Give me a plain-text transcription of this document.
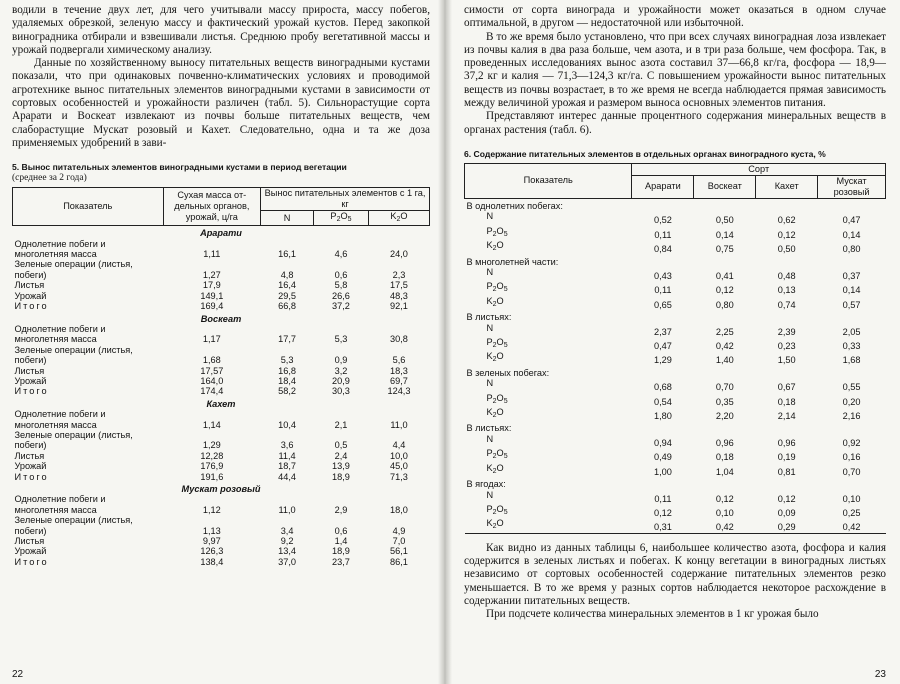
водили в течение двух лет, для чего учитывали массу прироста, массу побегов, удаляемых обрезкой, зеленую массу и фактический урожай кустов. Перед закопкой виноградника отбирали и взвешивали листья. Среднюю пробу вегетативной массы и урожай подвергали химическому анализу.

Данные по хозяйственному выносу питательных веществ виноградными кустами показали, что при одинаковых почвенно-климатических условиях и проводимой агротехнике вынос питательных элементов виноградными кустами в зависимости от сортовых особенностей и урожайности различен (табл. 5). Сильнорастущие сорта Арарати и Воскеат извлекают из почвы больше питательных веществ, чем слаборастущие Мускат розовый и Кахет. Следовательно, одна и та же доза применяемых удобрений в зави-

5. Вынос питательных элементов виноградными кустами в период вегетации
(среднее за 2 года)
Показатель	Сухая масса от-дельных органов, урожай, ц/га	Вынос питательных элементов с 1 га, кг		
		N	$P_2O_5$	$K_2O$
Арарати				
Однолетние побеги и многолетняя масса	1,11	16,1	4,6	24,0
Зеленые операции (листья, побеги)	1,27	4,8	0,6	2,3
Листья	17,9	16,4	5,8	17,5
Урожай	149,1	29,5	26,6	48,3
Итого	169,4	66,8	37,2	92,1
Воскеат				
Однолетние побеги и многолетняя масса	1,17	17,7	5,3	30,8
Зеленые операции (листья, побеги)	1,68	5,3	0,9	5,6
Листья	17,57	16,8	3,2	18,3
Урожай	164,0	18,4	20,9	69,7
Итого	174,4	58,2	30,3	124,3
Кахет				
Однолетние побеги и многолетняя масса	1,14	10,4	2,1	11,0
Зеленые операции (листья, побеги)	1,29	3,6	0,5	4,4
Листья	12,28	11,4	2,4	10,0
Урожай	176,9	18,7	13,9	45,0
Итого	191,6	44,4	18,9	71,3
Мускат розовый				
Однолетние побеги и многолетняя масса	1,12	11,0	2,9	18,0
Зеленые операции (листья, побеги)	1,13	3,4	0,6	4,9
Листья	9,97	9,2	1,4	7,0
Урожай	126,3	13,4	18,9	56,1
Итого	138,4	37,0	23,7	86,1
22

симости от сорта винограда и урожайности может оказаться в одном случае оптимальной, в другом — недостаточной или избыточной.

В то же время было установлено, что при всех случаях виноградная лоза извлекает из почвы калия в два раза больше, чем азота, и в три раза больше, чем фосфора. Так, в проведенных исследованиях вынос азота составил 37—66,8 кг/га, фосфора — 18,9—37,2 кг и калия — 71,3—124,3 кг/га. С повышением урожайности вынос питательных веществ из почвы возрастает, в то же время не всегда наблюдается прямая зависимость между величиной урожая и размером выноса основных элементов питания.

Представляют интерес данные процентного содержания минеральных веществ в органах растения (табл. 6).

6. Содержание питательных элементов в отдельных органах виноградного куста, %
Показатель	Сорт			
	Арарати	Воскеат	Кахет	Мускат розовый
В однолетних побегах:				
N	0,52	0,50	0,62	0,47
$P_2O_5$	0,11	0,14	0,12	0,14
$K_2O$	0,84	0,75	0,50	0,80
В многолетней части:				
N	0,43	0,41	0,48	0,37
$P_2O_5$	0,11	0,12	0,13	0,14
$K_2O$	0,65	0,80	0,74	0,57
В листьях:				
N	2,37	2,25	2,39	2,05
$P_2O_5$	0,47	0,42	0,23	0,33
$K_2O$	1,29	1,40	1,50	1,68
В зеленых побегах:				
N	0,68	0,70	0,67	0,55
$P_2O_5$	0,54	0,35	0,18	0,20
$K_2O$	1,80	2,20	2,14	2,16
В листьях:				
N	0,94	0,96	0,96	0,92
$P_2O_5$	0,49	0,18	0,19	0,16
$K_2O$	1,00	1,04	0,81	0,70
В ягодах:				
N	0,11	0,12	0,12	0,10
$P_2O_5$	0,12	0,10	0,09	0,25
$K_2O$	0,31	0,42	0,29	0,42

Как видно из данных таблицы 6, наибольшее количество азота, фосфора и калия содержится в зеленых листьях и побегах. К концу вегетации в виноградных листьях независимо от сортовых особенностей содержание питательных элементов резко уменьшается. В то же время у разных сортов наблюдается некоторое расхождение в содержании питательных веществ.

При подсчете количества минеральных элементов в 1 кг урожая было

23
